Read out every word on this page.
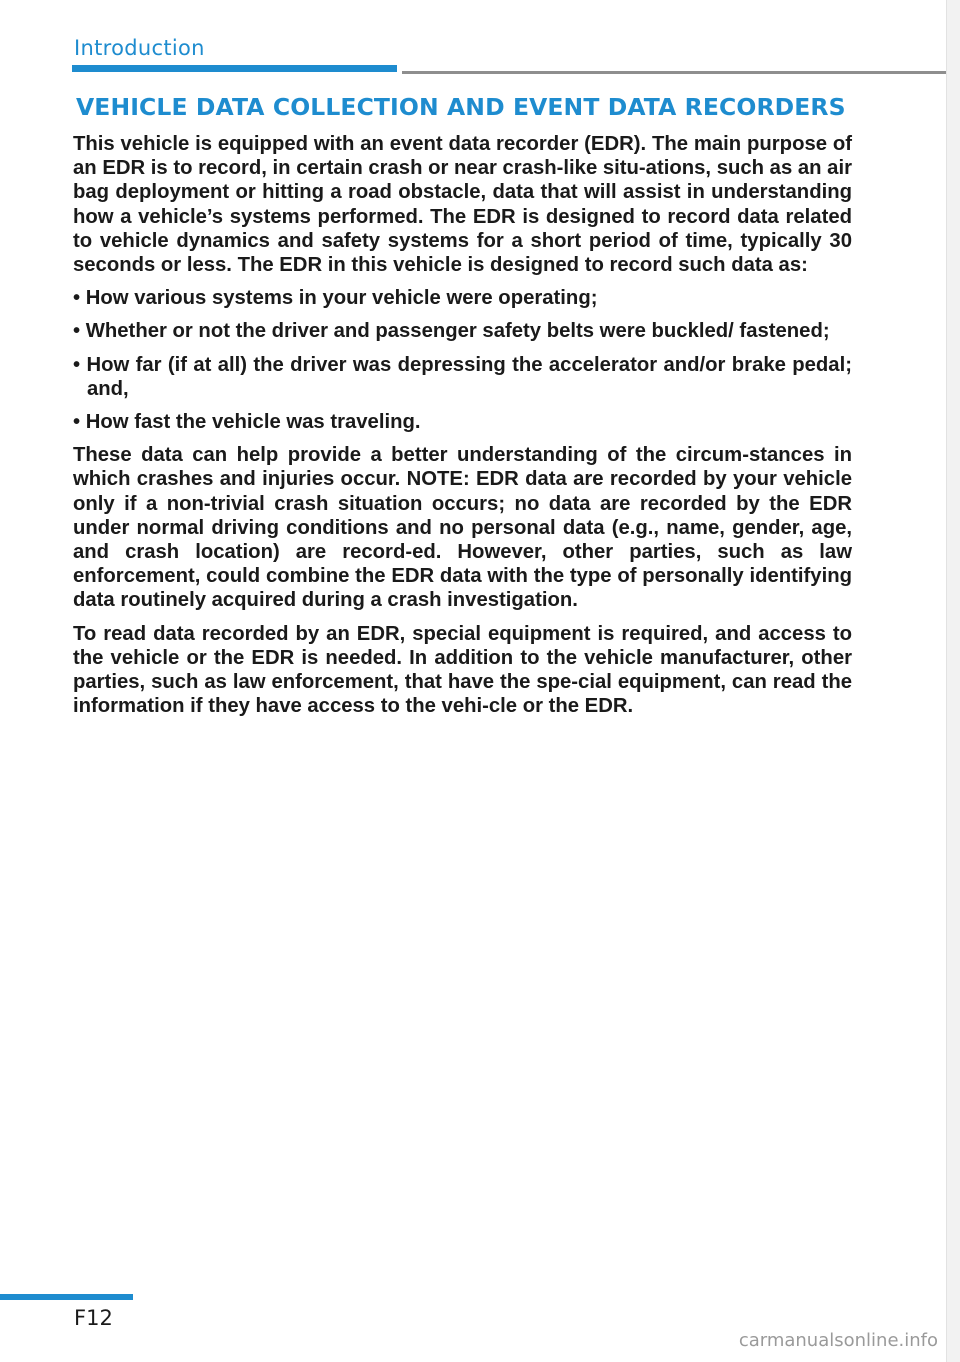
Introduction
VEHICLE DATA COLLECTION AND EVENT DATA RECORDERS

This vehicle is equipped with an event data recorder (EDR). The main purpose of an EDR is to record, in certain crash or near crash-like situ-ations, such as an air bag deployment or hitting a road obstacle, data that will assist in understanding how a vehicle’s systems performed. The EDR is designed to record data related to vehicle dynamics and safety systems for a short period of time, typically 30 seconds or less. The EDR in this vehicle is designed to record such data as:

• How various systems in your vehicle were operating;
• Whether or not the driver and passenger safety belts were buckled/ fastened;
• How far (if at all) the driver was depressing the accelerator and/or brake pedal; and,
• How fast the vehicle was traveling.

These data can help provide a better understanding of the circum-stances in which crashes and injuries occur. NOTE: EDR data are recorded by your vehicle only if a non-trivial crash situation occurs; no data are recorded by the EDR under normal driving conditions and no personal data (e.g., name, gender, age, and crash location) are record-ed. However, other parties, such as law enforcement, could combine the EDR data with the type of personally identifying data routinely acquired during a crash investigation.

To read data recorded by an EDR, special equipment is required, and access to the vehicle or the EDR is needed. In addition to the vehicle manufacturer, other parties, such as law enforcement, that have the spe-cial equipment, can read the information if they have access to the vehi-cle or the EDR.

F12
carmanualsonline.info
